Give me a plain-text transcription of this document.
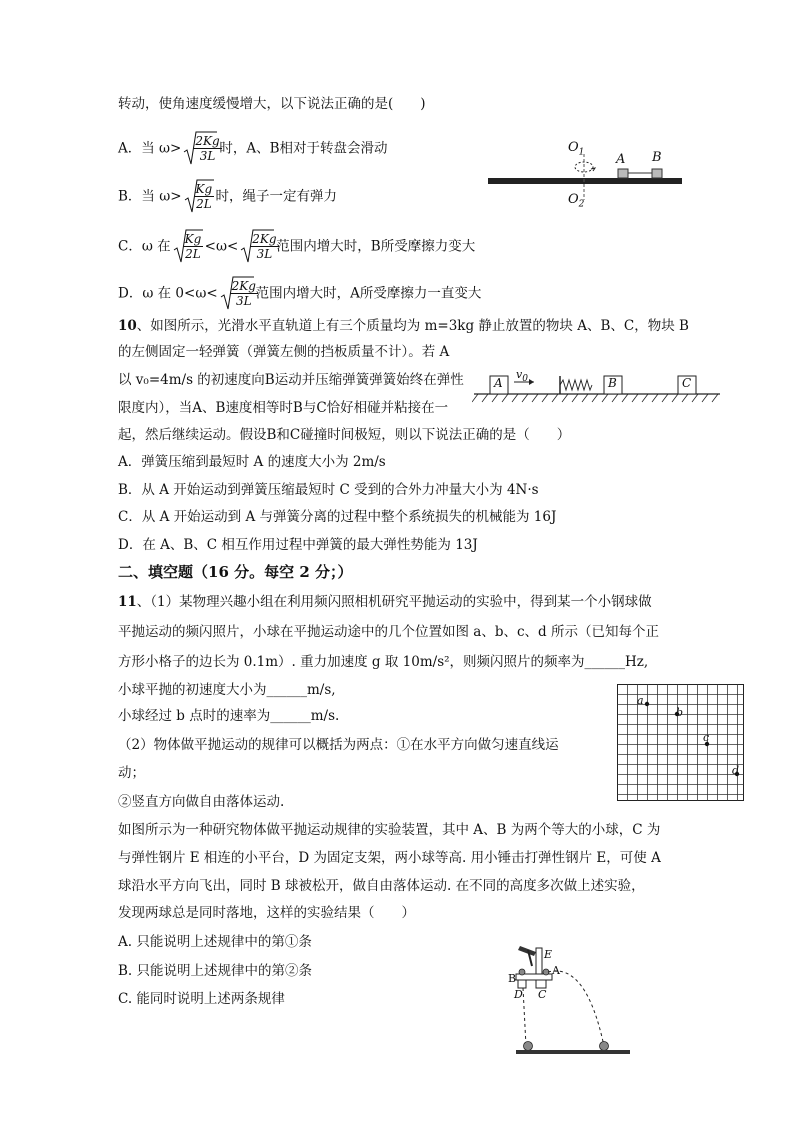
转动，使角速度缓慢增大，以下说法正确的是(　　)
A．当 $\omega> \frac{2Kg}{3L}$
时，A、B相对于转盘会滑动
B．当 $\omega> \frac{Kg}{2L}$ 时，绳子一定有弹力
C．ω 在 $\frac{Kg}{2L} <\omega< \frac{2Kg}{3L}$
范围内增大时，B所受摩擦力变大
D．ω 在 $0<\omega< \frac{2Kg}{3L}$
范围内增大时，A所受摩擦力一直变大
$O_1$
$O_2$
A B
10、如图所示，光滑水平直轨道上有三个质量均为 m=3kg 静止放置的物块 A、B、C，物块 B
的左侧固定一轻弹簧（弹簧左侧的挡板质量不计）。若 A
以 v₀=4m/s 的初速度向B运动并压缩弹簧弹簧始终在弹性
限度内），当A、B速度相等时B与C恰好相碰并粘接在一
起，然后继续运动。假设B和C碰撞时间极短，则以下说法正确的是（　　）
A
$v_0$	B	C
A．弹簧压缩到最短时 A 的速度大小为 2m/s
B．从 A 开始运动到弹簧压缩最短时 C 受到的合外力冲量大小为 4N·s
C．从 A 开始运动到 A 与弹簧分离的过程中整个系统损失的机械能为 16J
D．在 A、B、C 相互作用过程中弹簧的最大弹性势能为 13J
二、填空题（16 分。每空 2 分；）
11、（1）某物理兴趣小组在利用频闪照相机研究平抛运动的实验中，得到某一个小钢球做
平抛运动的频闪照片，小球在平抛运动途中的几个位置如图 a、b、c、d 所示（已知每个正
方形小格子的边长为 0.1m）. 重力加速度 g 取 10m/s²，则频闪照片的频率为______Hz,
小球平抛的初速度大小为______m/s,
小球经过 b 点时的速率为______m/s.
（2）物体做平抛运动的规律可以概括为两点：①在水平方向做匀速直线运
动；
②竖直方向做自由落体运动.
如图所示为一种研究物体做平抛运动规律的实验装置，其中 A、B 为两个等大的小球，C 为
与弹性钢片 E 相连的小平台，D 为固定支架，两小球等高. 用小锤击打弹性钢片 E，可使 A
球沿水平方向飞出，同时 B 球被松开，做自由落体运动. 在不同的高度多次做上述实验，
发现两球总是同时落地，这样的实验结果（　　）
A. 只能说明上述规律中的第①条
B. 只能说明上述规律中的第②条
C. 能同时说明上述两条规律
a
b
c
d
E
B
A
D C
